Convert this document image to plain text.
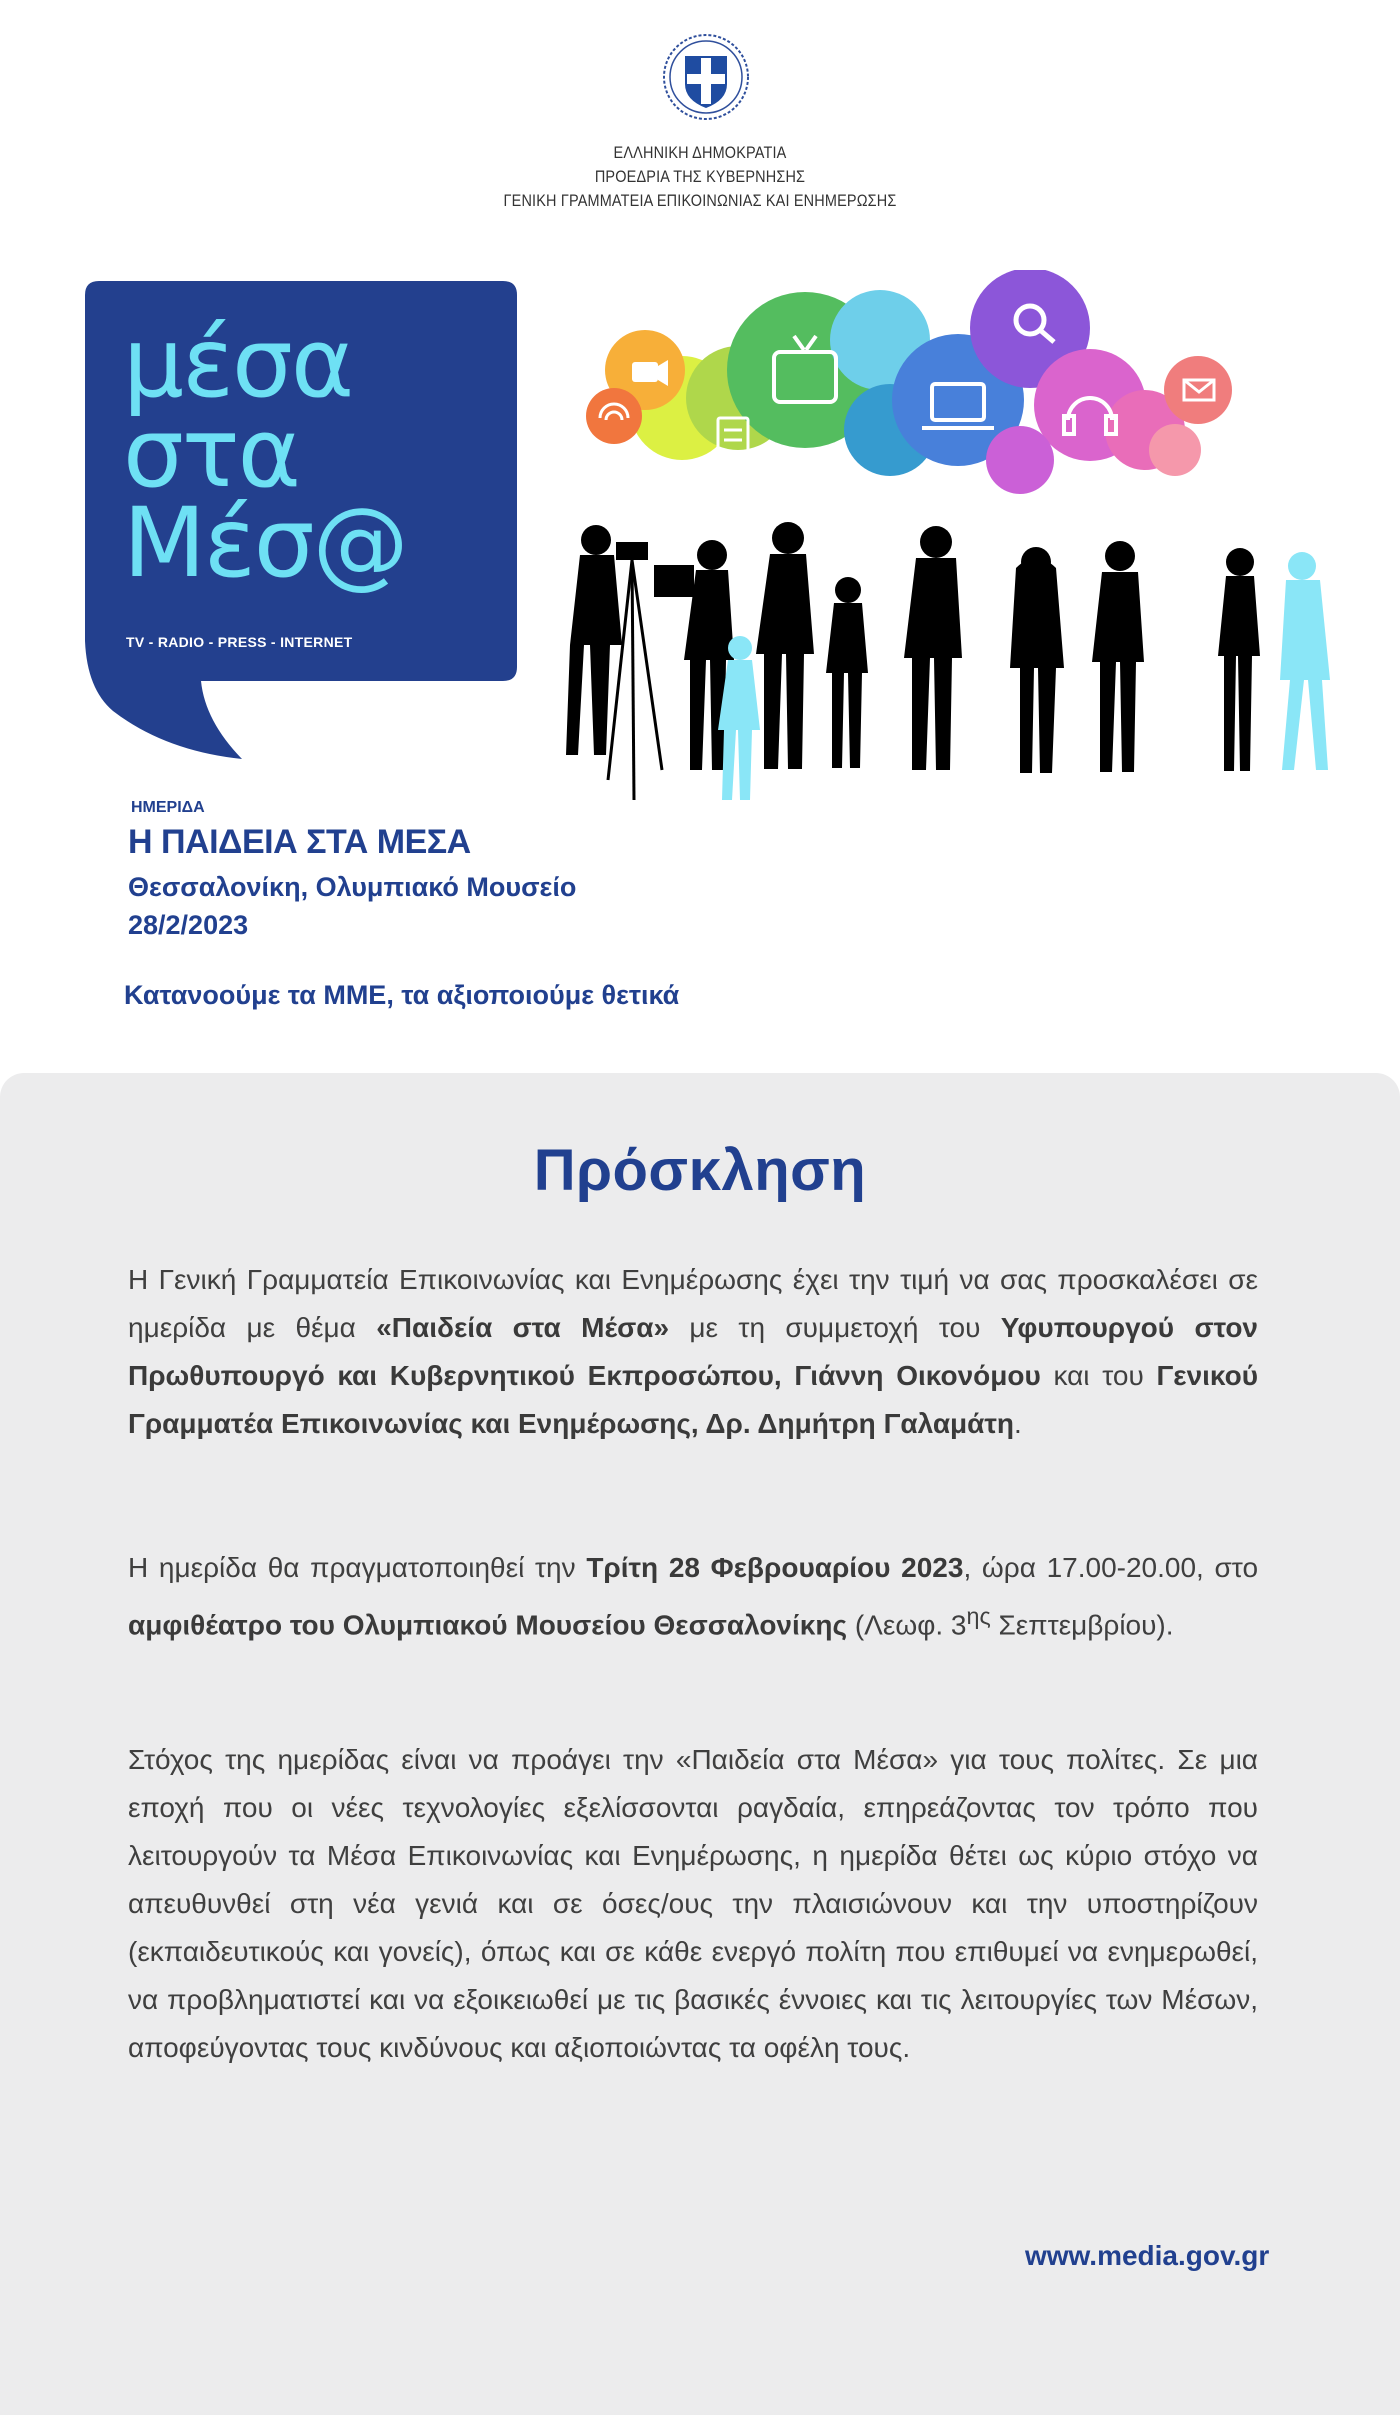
ΕΛΛΗΝΙΚΗ ΔΗΜΟΚΡΑΤΙΑ
ΠΡΟΕΔΡΙΑ ΤΗΣ ΚΥΒΕΡΝΗΣΗΣ
ΓΕΝΙΚΗ ΓΡΑΜΜΑΤΕΙΑ ΕΠΙΚΟΙΝΩΝΙΑΣ ΚΑΙ ΕΝΗΜΕΡΩΣΗΣ
μέσα
στα
Μέσ@
TV - RADIO - PRESS - INTERNET
ΗΜΕΡΙΔΑ
Η ΠΑΙΔΕΙΑ ΣΤΑ ΜΕΣΑ
Θεσσαλονίκη, Ολυμπιακό Μουσείο
28/2/2023
Κατανοούμε τα ΜΜΕ, τα αξιοποιούμε θετικά
Πρόσκληση
Η Γενική Γραμματεία Επικοινωνίας και Ενημέρωσης έχει την τιμή να σας προσκαλέσει σε ημερίδα με θέμα «Παιδεία στα Μέσα» με τη συμμετοχή του Υφυπουργού στον Πρωθυπουργό και Κυβερνητικού Εκπροσώπου, Γιάννη Οικονόμου και του Γενικού Γραμματέα Επικοινωνίας και Ενημέρωσης, Δρ. Δημήτρη Γαλαμάτη.
Η ημερίδα θα πραγματοποιηθεί την Τρίτη 28 Φεβρουαρίου 2023, ώρα 17.00-20.00, στο αμφιθέατρο του Ολυμπιακού Μουσείου Θεσσαλονίκης (Λεωφ. $3^{\eta\varsigma}$ Σεπτεμβρίου).
Στόχος της ημερίδας είναι να προάγει την «Παιδεία στα Μέσα» για τους πολίτες. Σε μια εποχή που οι νέες τεχνολογίες εξελίσσονται ραγδαία, επηρεάζοντας τον τρόπο που λειτουργούν τα Μέσα Επικοινωνίας και Ενημέρωσης, η ημερίδα θέτει ως κύριο στόχο να απευθυνθεί στη νέα γενιά και σε όσες/ους την πλαισιώνουν και την υποστηρίζουν (εκπαιδευτικούς και γονείς), όπως και σε κάθε ενεργό πολίτη που επιθυμεί να ενημερωθεί, να προβληματιστεί και να εξοικειωθεί με τις βασικές έννοιες και τις λειτουργίες των Μέσων, αποφεύγοντας τους κινδύνους και αξιοποιώντας τα οφέλη τους.
www.media.gov.gr
